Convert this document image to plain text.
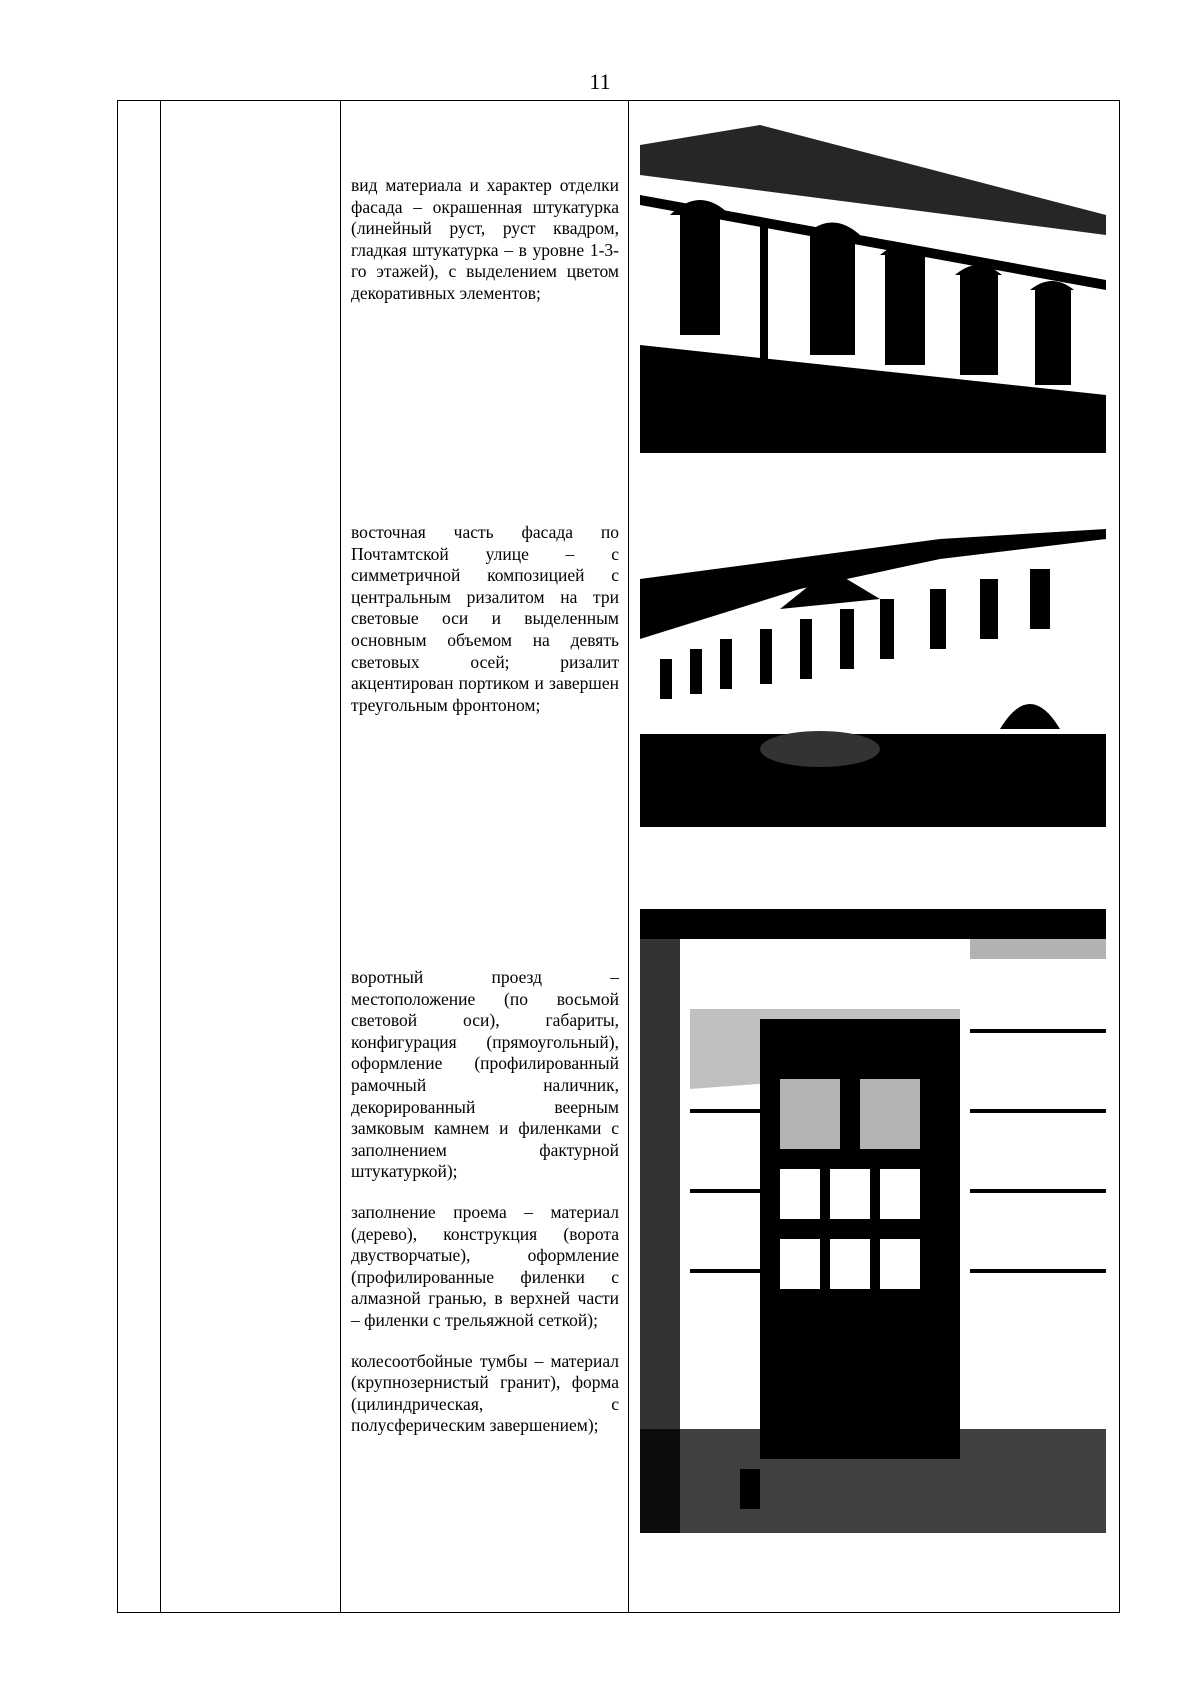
11

вид материала и характер отделки фасада – окрашенная штукатурка (линейный руст, руст квадром, гладкая штукатурка – в уровне 1-3-го этажей), с выделением цветом декоративных элементов;

восточная часть фасада по Почтамтской улице – с симметричной композицией с центральным ризалитом на три световые оси и выделенным основным объемом на девять световых осей; ризалит акцентирован портиком и завершен треугольным фронтоном;

воротный проезд – местоположение (по восьмой световой оси), габариты, конфигурация (прямоугольный), оформление (профилированный рамочный наличник, декорированный веерным замковым камнем и филенками с заполнением фактурной штукатуркой);

заполнение проема – материал (дерево), конструкция (ворота двустворчатые), оформление (профилированные филенки с алмазной гранью, в верхней части – филенки с трельяжной сеткой);

колесоотбойные тумбы – материал (крупнозернистый гранит), форма (цилиндрическая, с полусферическим завершением);
